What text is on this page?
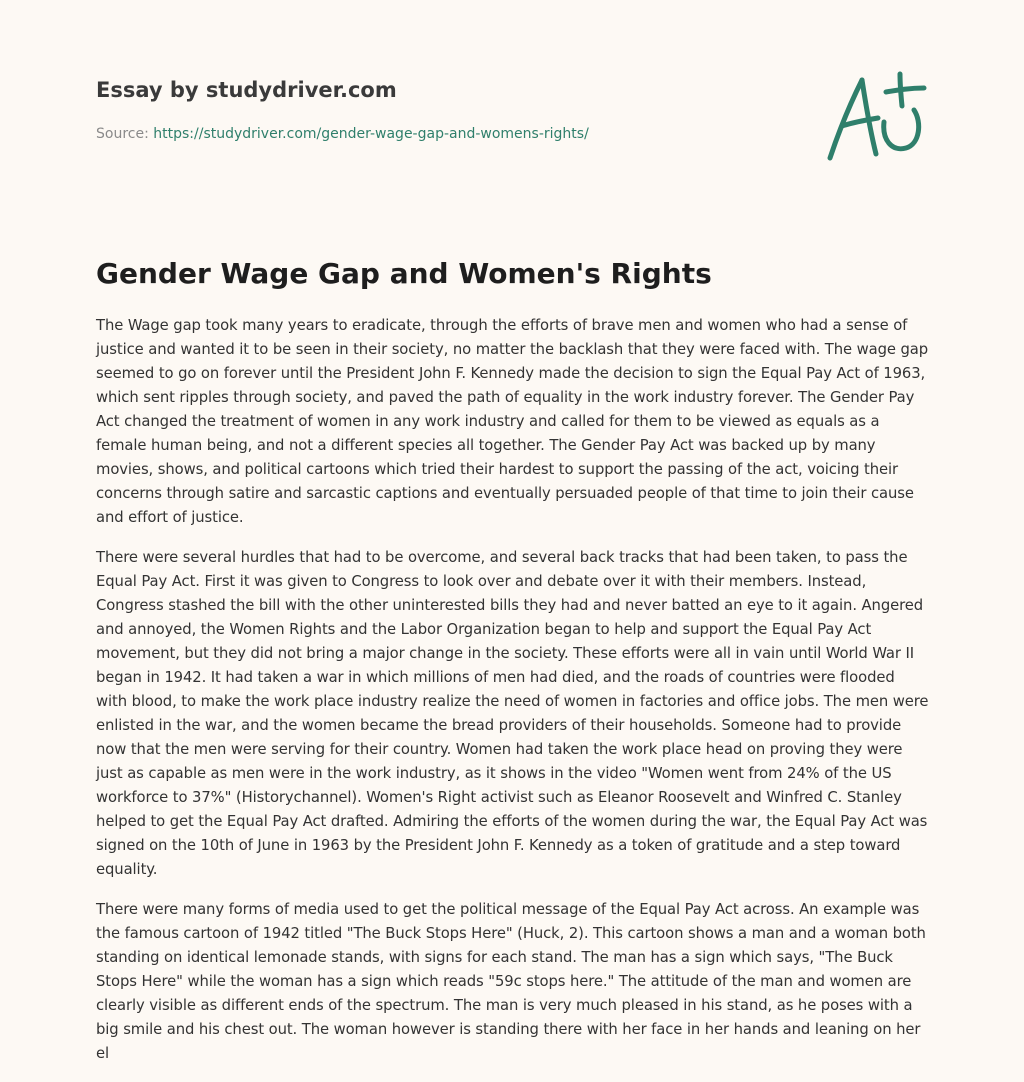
Essay by studydriver.com
Source: https://studydriver.com/gender-wage-gap-and-womens-rights/
Gender Wage Gap and Women's Rights

The Wage gap took many years to eradicate, through the efforts of brave men and women who had a sense of justice and wanted it to be seen in their society, no matter the backlash that they were faced with. The wage gap seemed to go on forever until the President John F. Kennedy made the decision to sign the Equal Pay Act of 1963, which sent ripples through society, and paved the path of equality in the work industry forever. The Gender Pay Act changed the treatment of women in any work industry and called for them to be viewed as equals as a female human being, and not a different species all together. The Gender Pay Act was backed up by many movies, shows, and political cartoons which tried their hardest to support the passing of the act, voicing their concerns through satire and sarcastic captions and eventually persuaded people of that time to join their cause and effort of justice.

There were several hurdles that had to be overcome, and several back tracks that had been taken, to pass the Equal Pay Act. First it was given to Congress to look over and debate over it with their members. Instead, Congress stashed the bill with the other uninterested bills they had and never batted an eye to it again. Angered and annoyed, the Women Rights and the Labor Organization began to help and support the Equal Pay Act movement, but they did not bring a major change in the society. These efforts were all in vain until World War II began in 1942. It had taken a war in which millions of men had died, and the roads of countries were flooded with blood, to make the work place industry realize the need of women in factories and office jobs. The men were enlisted in the war, and the women became the bread providers of their households. Someone had to provide now that the men were serving for their country. Women had taken the work place head on proving they were just as capable as men were in the work industry, as it shows in the video "Women went from 24% of the US workforce to 37%" (Historychannel). Women's Right activist such as Eleanor Roosevelt and Winfred C. Stanley helped to get the Equal Pay Act drafted. Admiring the efforts of the women during the war, the Equal Pay Act was signed on the 10th of June in 1963 by the President John F. Kennedy as a token of gratitude and a step toward equality.

There were many forms of media used to get the political message of the Equal Pay Act across. An example was the famous cartoon of 1942 titled "The Buck Stops Here" (Huck, 2). This cartoon shows a man and a woman both standing on identical lemonade stands, with signs for each stand. The man has a sign which says, "The Buck Stops Here" while the woman has a sign which reads "59c stops here." The attitude of the man and women are clearly visible as different ends of the spectrum. The man is very much pleased in his stand, as he poses with a big smile and his chest out. The woman however is standing there with her face in her hands and leaning on her el
